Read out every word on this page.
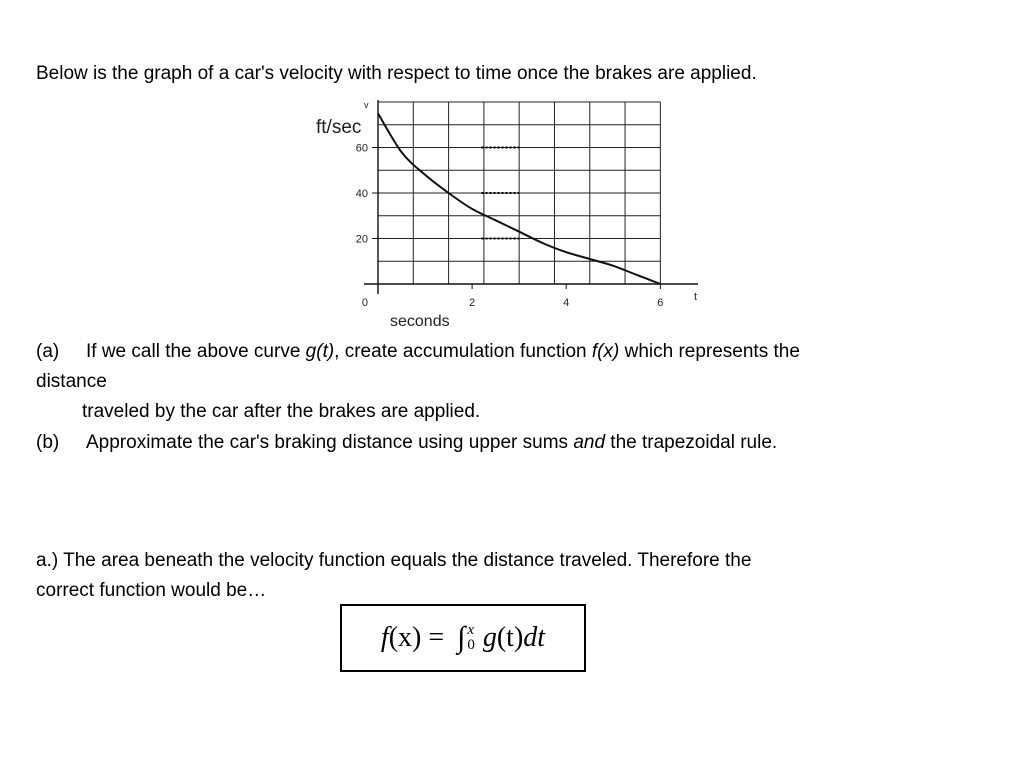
Below is the graph of a car's velocity with respect to time once the brakes are applied.
0
20
40
60
2	4	6
ft/sec
seconds
v
t
(a) If we call the above curve g(t), create accumulation function f(x) which represents the
distance
traveled by the car after the brakes are applied.
(b) Approximate the car's braking distance using upper sums and the trapezoidal rule.
a.) The area beneath the velocity function equals the distance traveled. Therefore the
correct function would be…
f (x) = ∫ x
0 g (t) dt
